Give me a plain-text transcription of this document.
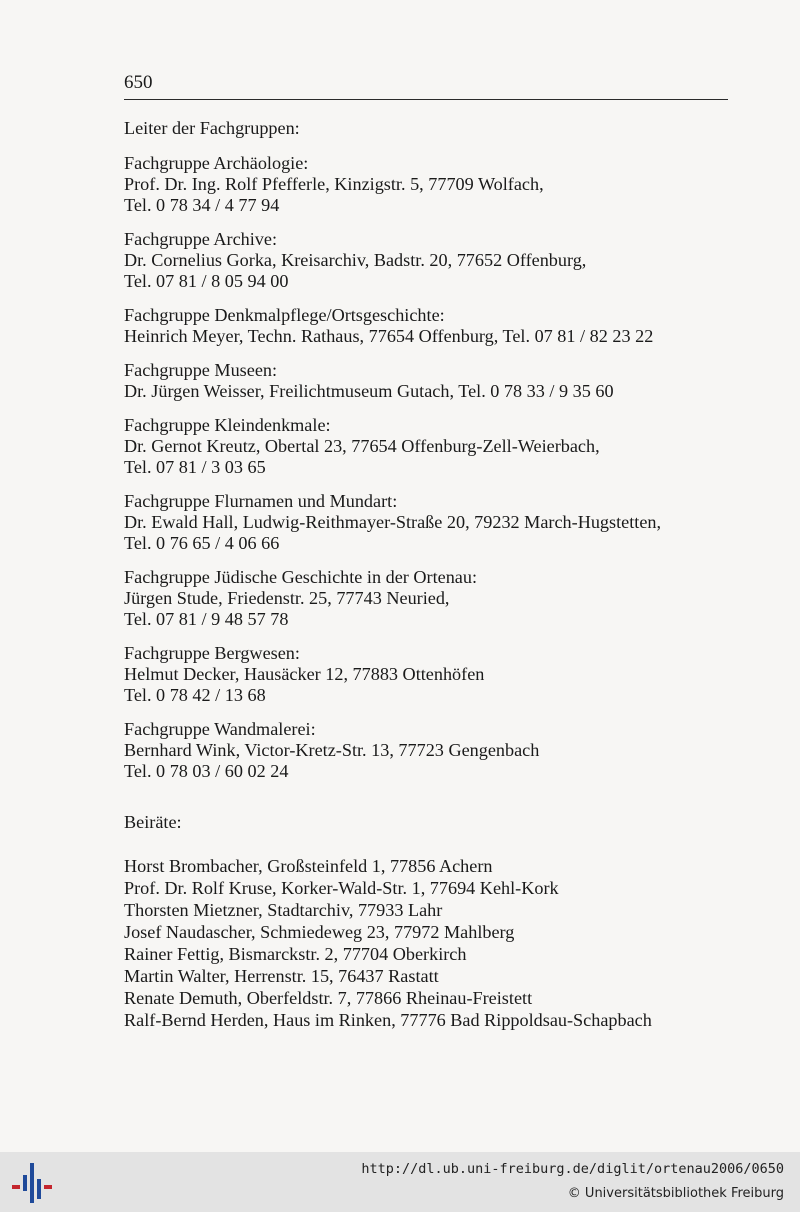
650
Leiter der Fachgruppen:
Fachgruppe Archäologie:
Prof. Dr. Ing. Rolf Pfefferle, Kinzigstr. 5, 77709 Wolfach,
Tel. 0 78 34 / 4 77 94
Fachgruppe Archive:
Dr. Cornelius Gorka, Kreisarchiv, Badstr. 20, 77652 Offenburg,
Tel. 07 81 / 8 05 94 00
Fachgruppe Denkmalpflege/Ortsgeschichte:
Heinrich Meyer, Techn. Rathaus, 77654 Offenburg, Tel. 07 81 / 82 23 22
Fachgruppe Museen:
Dr. Jürgen Weisser, Freilichtmuseum Gutach, Tel. 0 78 33 / 9 35 60
Fachgruppe Kleindenkmale:
Dr. Gernot Kreutz, Obertal 23, 77654 Offenburg-Zell-Weierbach,
Tel. 07 81 / 3 03 65
Fachgruppe Flurnamen und Mundart:
Dr. Ewald Hall, Ludwig-Reithmayer-Straße 20, 79232 March-Hugstetten,
Tel. 0 76 65 / 4 06 66
Fachgruppe Jüdische Geschichte in der Ortenau:
Jürgen Stude, Friedenstr. 25, 77743 Neuried,
Tel. 07 81 / 9 48 57 78
Fachgruppe Bergwesen:
Helmut Decker, Hausäcker 12, 77883 Ottenhöfen
Tel. 0 78 42 / 13 68
Fachgruppe Wandmalerei:
Bernhard Wink, Victor-Kretz-Str. 13, 77723 Gengenbach
Tel. 0 78 03 / 60 02 24
Beiräte:
Horst Brombacher, Großsteinfeld 1, 77856 Achern
Prof. Dr. Rolf Kruse, Korker-Wald-Str. 1, 77694 Kehl-Kork
Thorsten Mietzner, Stadtarchiv, 77933 Lahr
Josef Naudascher, Schmiedeweg 23, 77972 Mahlberg
Rainer Fettig, Bismarckstr. 2, 77704 Oberkirch
Martin Walter, Herrenstr. 15, 76437 Rastatt
Renate Demuth, Oberfeldstr. 7, 77866 Rheinau-Freistett
Ralf-Bernd Herden, Haus im Rinken, 77776 Bad Rippoldsau-Schapbach
http://dl.ub.uni-freiburg.de/diglit/ortenau2006/0650
© Universitätsbibliothek Freiburg
